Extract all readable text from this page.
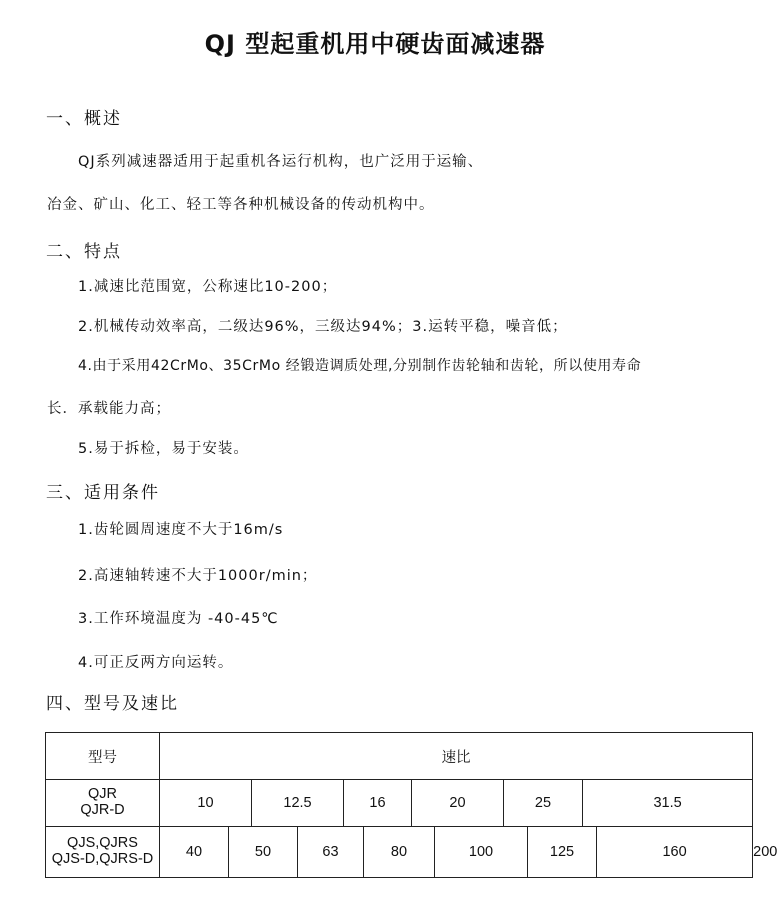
QJ 型起重机用中硬齿面减速器
一、概述
QJ系列减速器适用于起重机各运行机构，也广泛用于运输、
冶金、矿山、化工、轻工等各种机械设备的传动机构中。
二、特点
1.减速比范围宽，公称速比10-200；
2.机械传动效率高，二级达96%，三级达94%；3.运转平稳，噪音低；
4.由于采用42CrMo、35CrMo 经锻造调质处理,分别制作齿轮轴和齿轮，所以使用寿命
长．承载能力高；
5.易于拆检，易于安装。
三、适用条件
1.齿轮圆周速度不大于16m/s
2.高速轴转速不大于1000r/min；
3.工作环境温度为 -40-45℃
4.可正反两方向运转。
四、型号及速比
型号	速比												

QJR
QJR-D	10		12.5		16		20		25		31.5		

QJS,QJRS
QJS-D,QJRS-D	40	50		63		80		100		125		160	200
